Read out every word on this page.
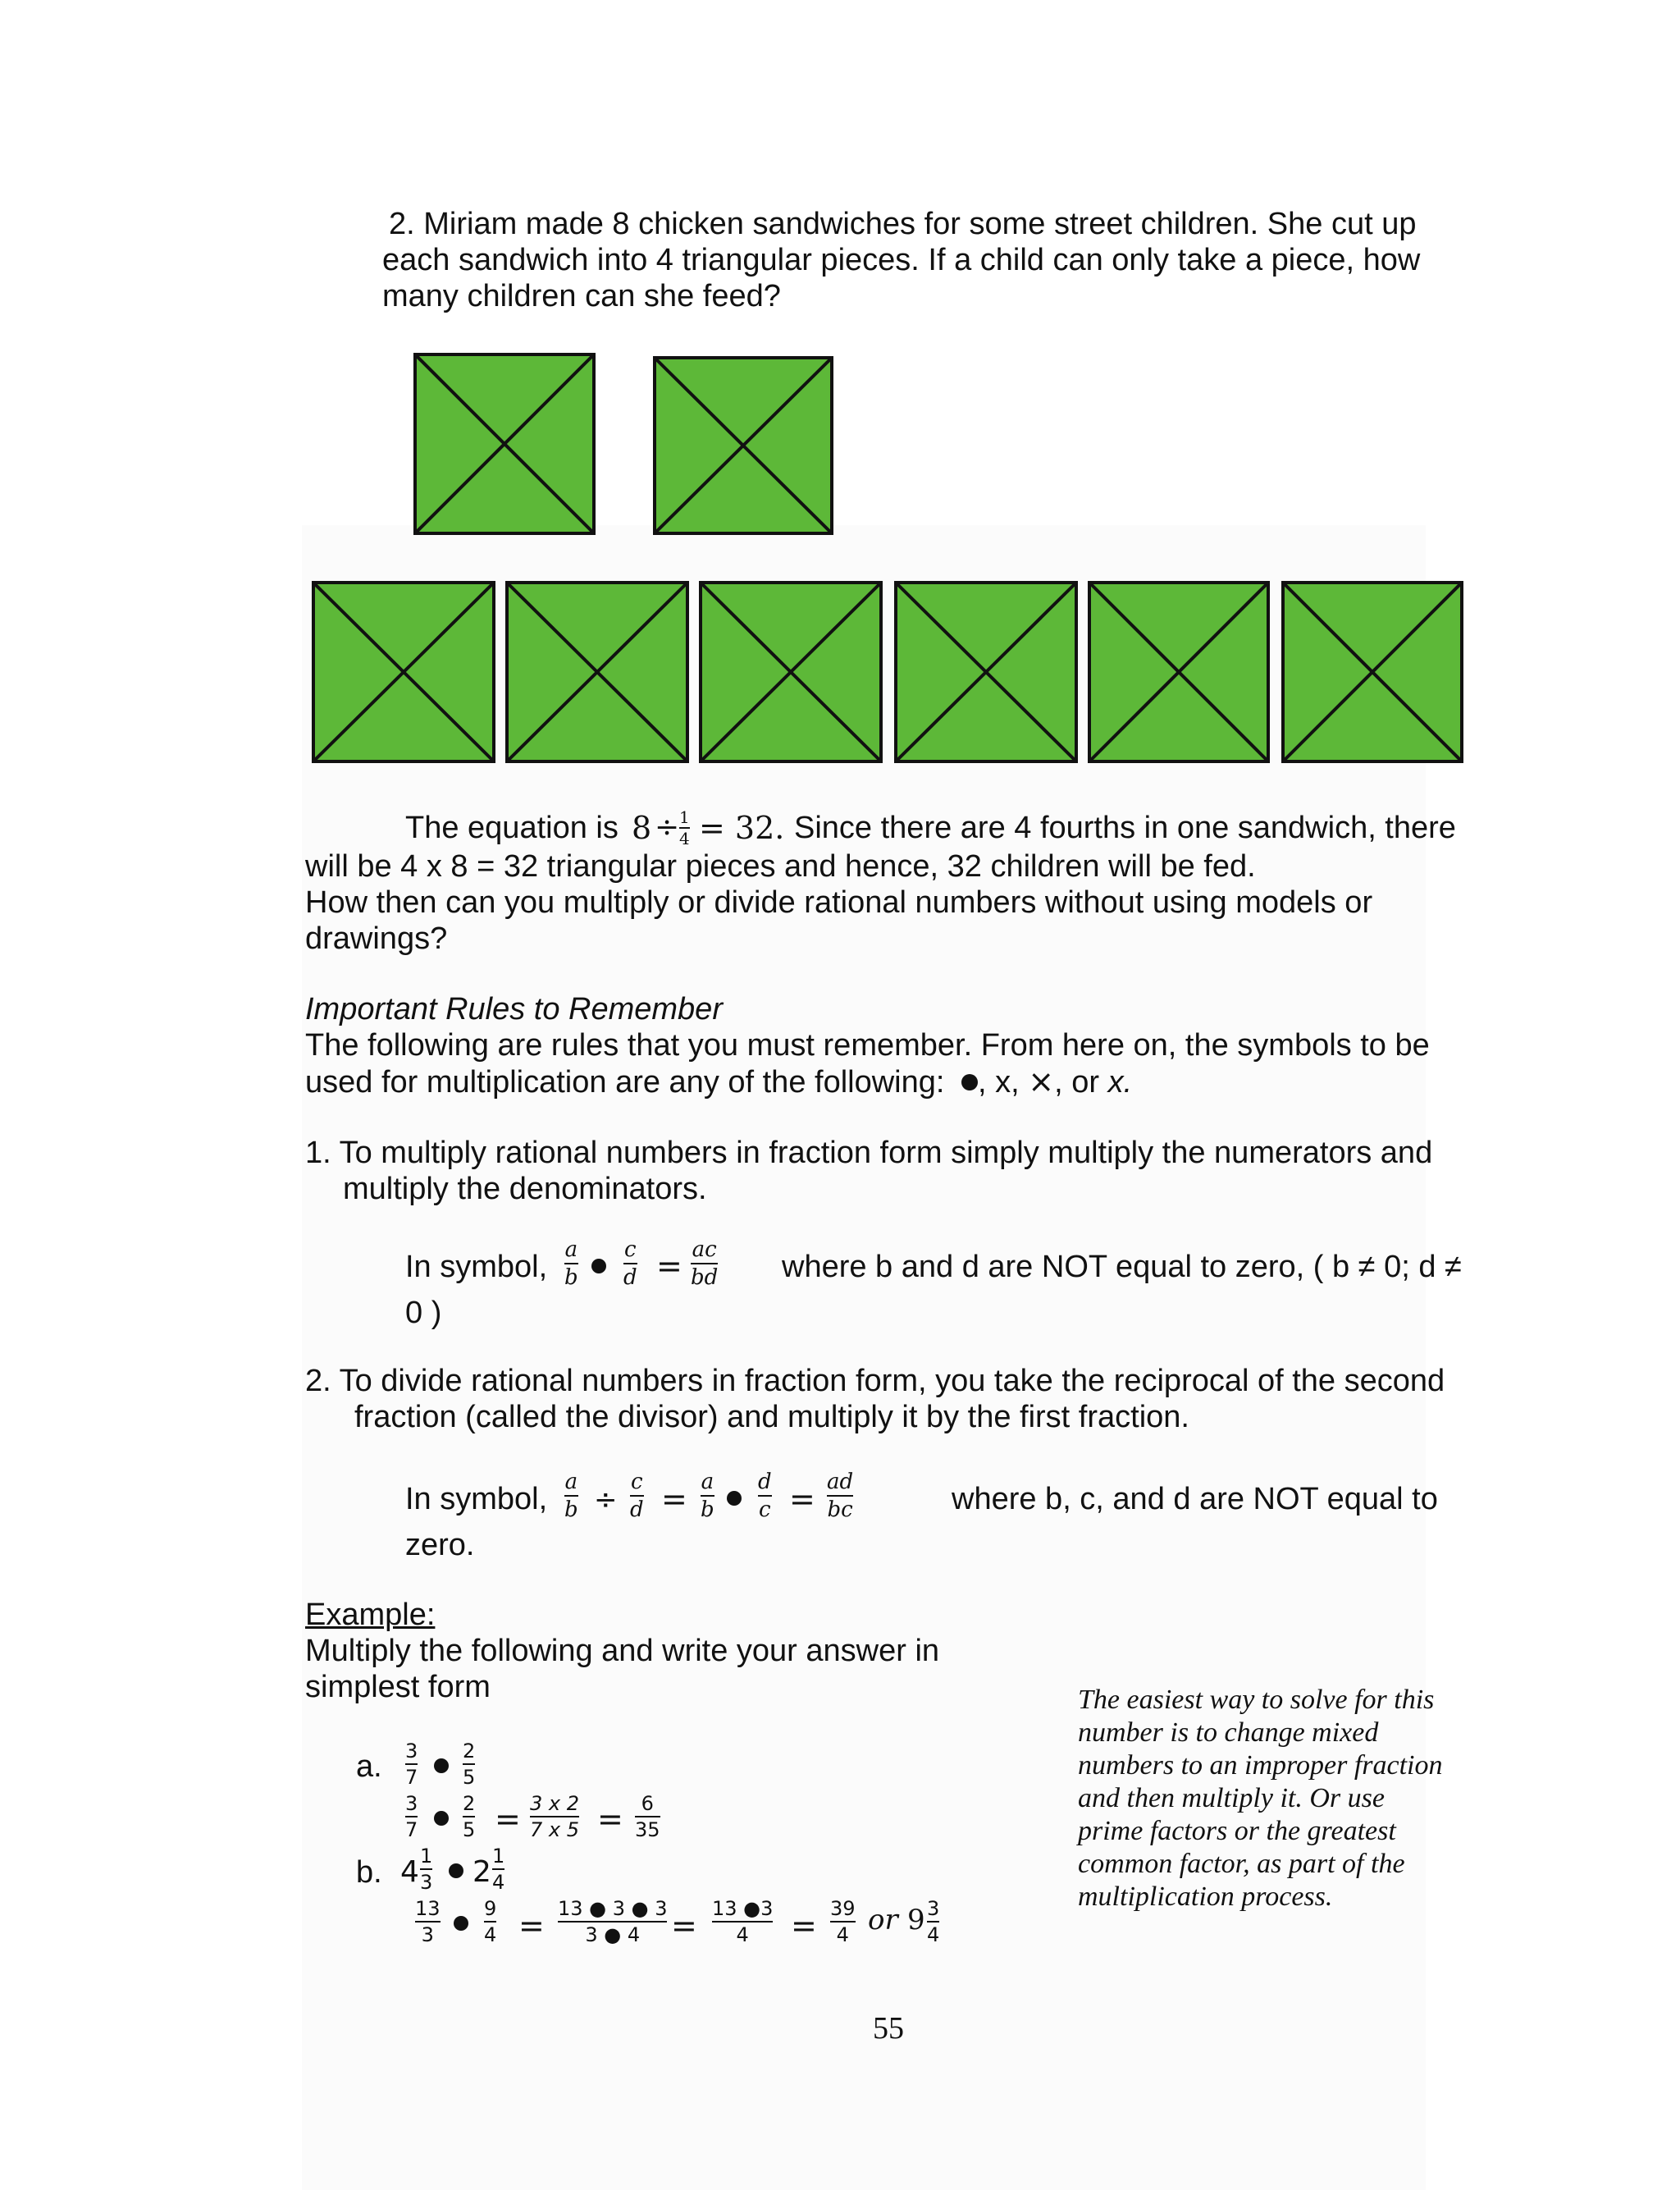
2. Miriam made 8 chicken sandwiches for some street children. She cut up
each sandwich into 4 triangular pieces. If a child can only take a piece, how
many children can she feed?
The equation is 8 ÷ 1
4 = 32. Since there are 4 fourths in one sandwich, there
will be 4 x 8 = 32 triangular pieces and hence, 32 children will be fed.
How then can you multiply or divide rational numbers without using models or
drawings?
Important Rules to Remember
The following are rules that you must remember. From here on, the symbols to be
used for multiplication are any of the following: , x, ×, or x.
1. To multiply rational numbers in fraction form simply multiply the numerators and
multiply the denominators.
In symbol, a
b
c
d = ac
bd where b and d are NOT equal to zero, ( b ≠ 0; d ≠
0 )
2. To divide rational numbers in fraction form, you take the reciprocal of the second
fraction (called the divisor) and multiply it by the first fraction.
In symbol, a
b ÷
c
d = a
b
d
c = ad
bc	where b, c, and d are NOT equal to
zero.
Example:
Multiply the following and write your answer in
simplest form
a. 3
7
2
5
3
7
2
5 = 3 x 2
7 x 5 = 6
35
b. 4 1
3 2 1
4
13
3
9
4 = 13 ● 3 ● 3
3 ● 4 = 13 ●3
4 = 39
4 or 9 3
4
The easiest way to solve for this number is to change mixed numbers to an improper fraction and then multiply it. Or use prime factors or the greatest common factor, as part of the multiplication process.
55
